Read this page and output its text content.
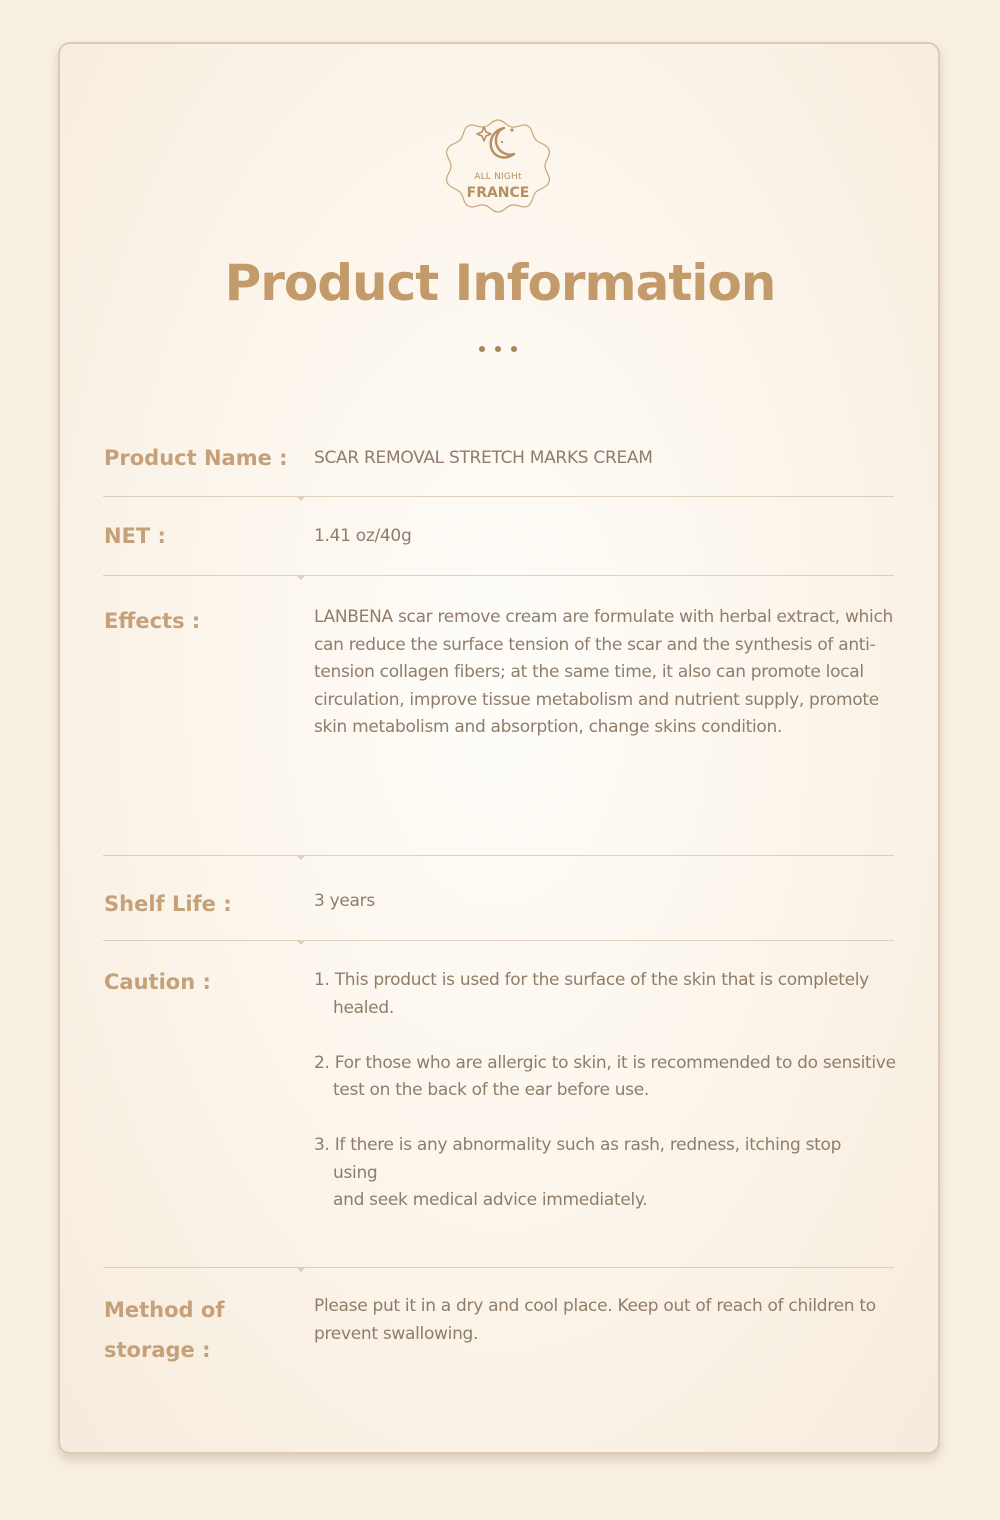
ALL NIGHt
FRANCE
Product Information
Product Name : SCAR REMOVAL STRETCH MARKS CREAM
NET :	1.41 oz/40g
Effects :	LANBENA scar remove cream are formulate with herbal extract, which can reduce the surface tension of the scar and the synthesis of anti-tension collagen fibers; at the same time, it also can promote local circulation, improve tissue metabolism and nutrient supply, promote skin metabolism and absorption, change skins condition.
Shelf Life :	3 years
Caution :	1. This product is used for the surface of the skin that is completely healed.
2. For those who are allergic to skin, it is recommended to do sensitive test on the back of the ear before use.
3. If there is any abnormality such as rash, redness, itching stop using
and seek medical advice immediately.
Method of
storage :
Please put it in a dry and cool place. Keep out of reach of children to prevent swallowing.
